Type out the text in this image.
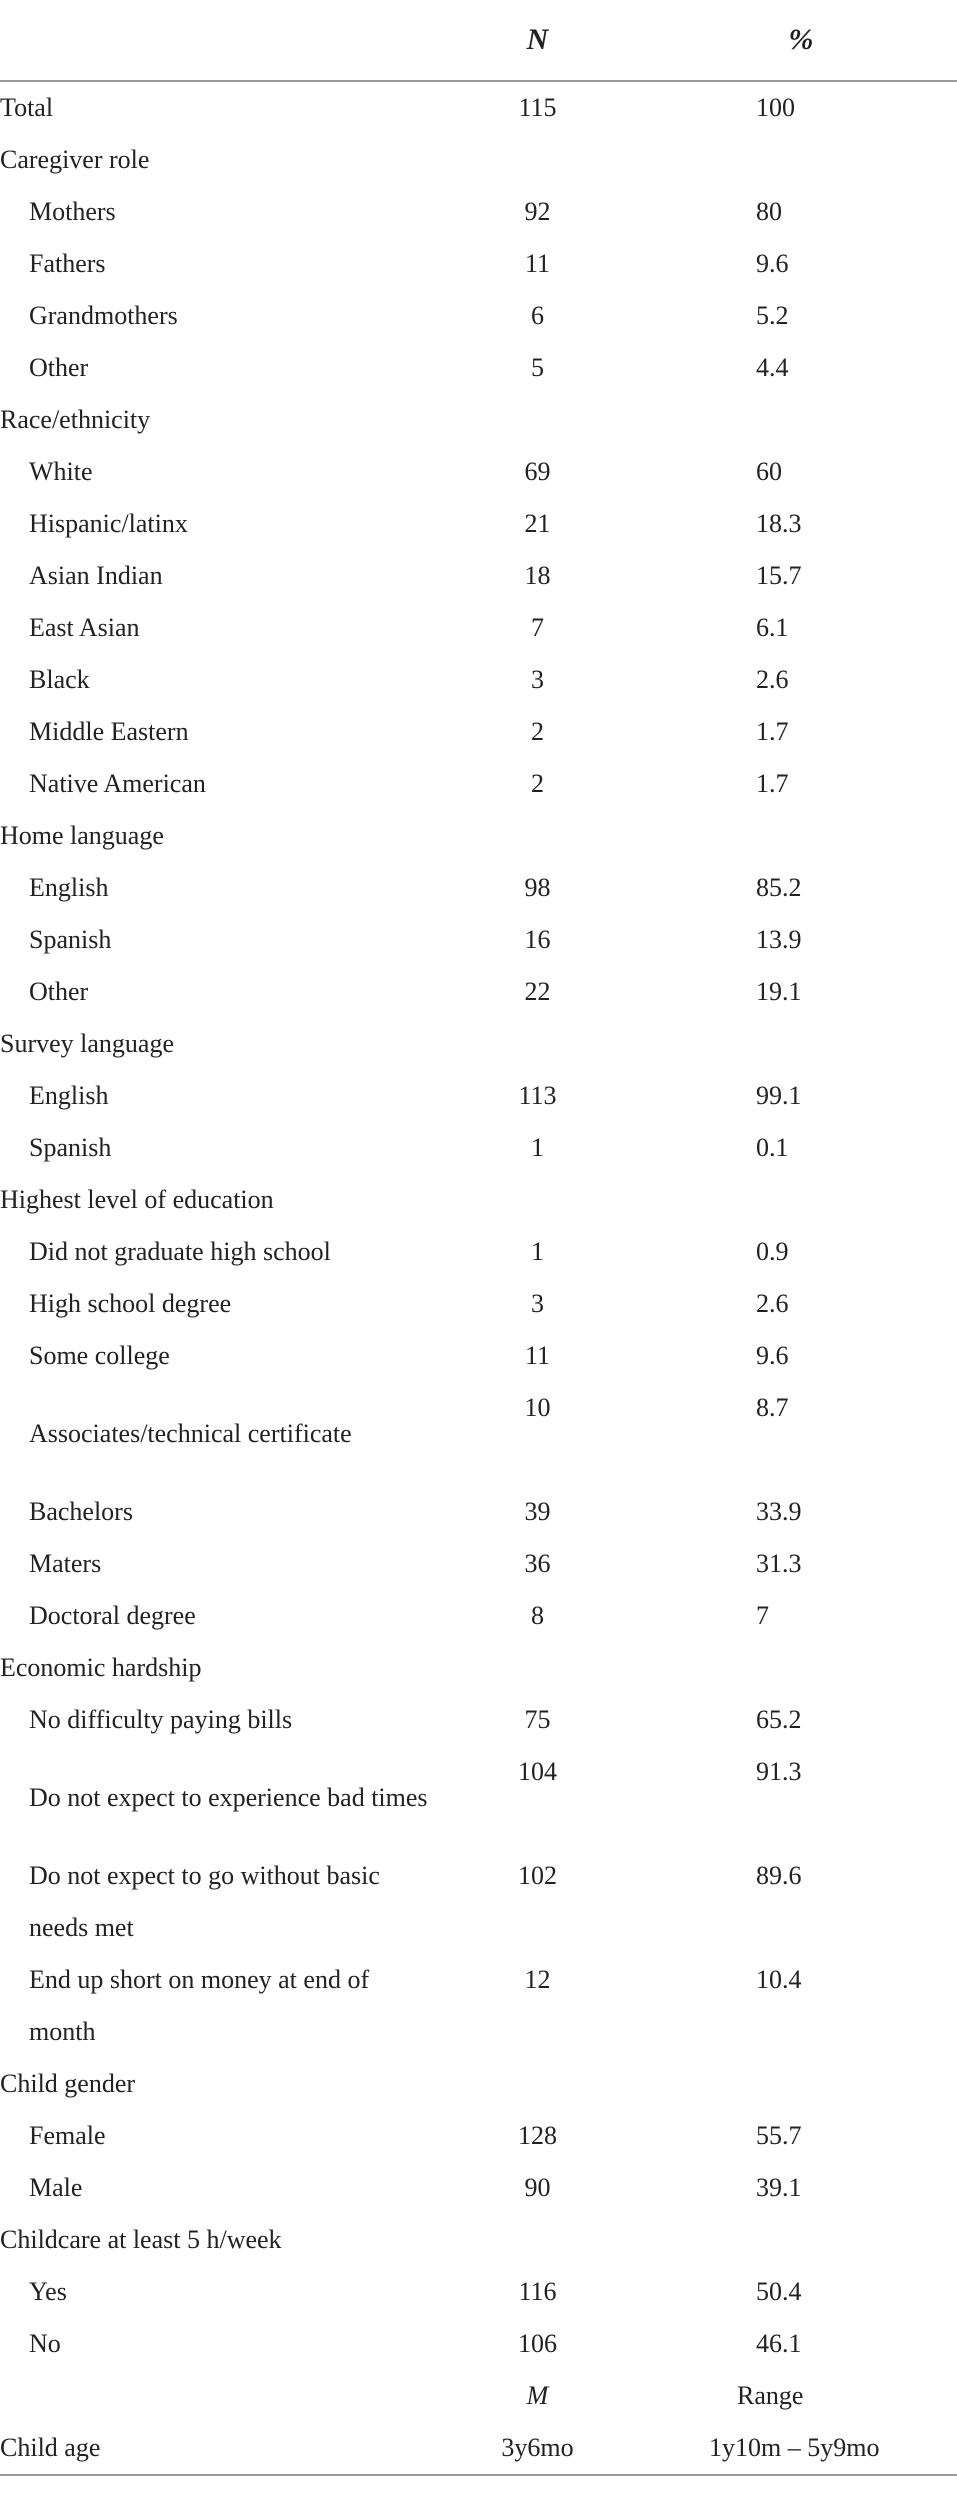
	N	%
Total	115	100
Caregiver role		
Mothers	92	80
Fathers	11	9.6
Grandmothers	6	5.2
Other	5	4.4
Race/ethnicity		
White	69	60
Hispanic/latinx	21	18.3
Asian Indian	18	15.7
East Asian	7	6.1
Black	3	2.6
Middle Eastern	2	1.7
Native American	2	1.7
Home language		
English	98	85.2
Spanish	16	13.9
Other	22	19.1
Survey language		
English	113	99.1
Spanish	1	0.1
Highest level of education		
Did not graduate high school	1	0.9
High school degree	3	2.6
Some college	11	9.6
Associates/technical certificate	10	8.7
Bachelors	39	33.9
Maters	36	31.3
Doctoral degree	8	7
Economic hardship		
No difficulty paying bills	75	65.2
Do not expect to experience bad times	104	91.3
Do not expect to go without basic needs met	102	89.6
End up short on money at end of month	12	10.4
Child gender		
Female	128	55.7
Male	90	39.1
Childcare at least 5 h/week		
Yes	116	50.4
No	106	46.1
	M	Range
Child age	3y6mo	1y10m – 5y9mo
